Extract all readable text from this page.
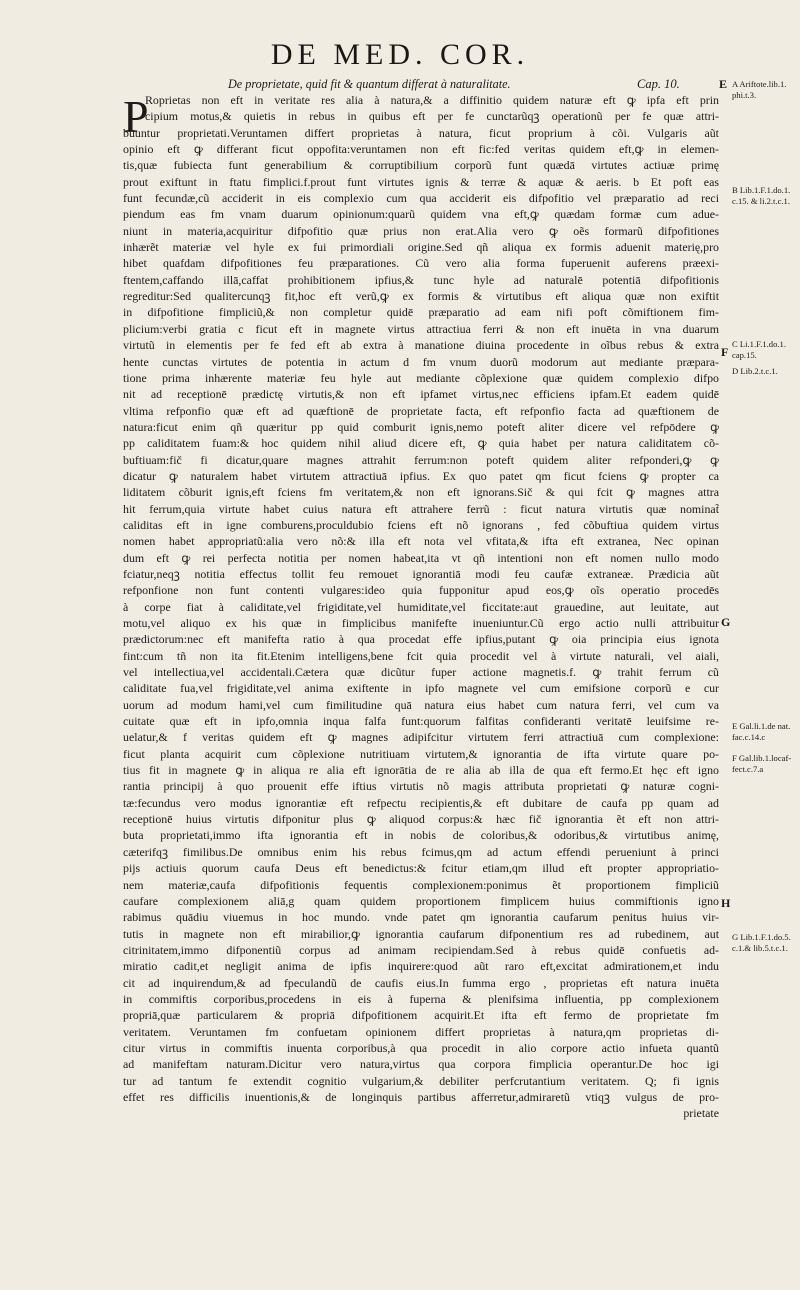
DE MED. COR.
De proprietate, quid fit & quantum differat à naturalitate.	Cap. 10.
P
Roprietas non eft in veritate res alia à natura,& a diffinitio quidem naturæ eft ꝙ ipfa eft prin
cipium motus,& quietis in rebus in quibus eft per fe cunctarũqꝫ operationũ per fe quæ attri-
buuntur proprietati.Veruntamen differt proprietas à natura, ficut proprium à cõi. Vulgaris aũt
opinio eft ꝙ differant ficut oppofita:veruntamen non eft fic:fed veritas quidem eft,ꝙ in elemen-
tis,quæ fubiecta funt generabilium & corruptibilium corporũ funt quædā virtutes actiuæ primę
prout exiftunt in ftatu fimplici.f.prout funt virtutes ignis & terræ & aquæ & aeris. b Et poft eas
funt fecundæ,cũ acciderit in eis complexio cum qua acciderit eis difpofitio vel præparatio ad reci
piendum eas fm vnam duarum opinionum:quarũ quidem vna eft,ꝙ quædam formæ cum adue-
niunt in materia,acquiritur difpofitio quæ prius non erat.Alia vero ꝙ oẽs formarũ difpofitiones
inhærẽt materiæ vel hyle ex fui primordiali origine.Sed qñ aliqua ex formis aduenit materię,pro
hibet quafdam difpofitiones feu præparationes. Cũ vero alia forma fuperuenit auferens præexi-
ftentem,caffando illā,caffat prohibitionem ipfius,& tunc hyle ad naturalē potentiā difpofitionis
regreditur:Sed qualitercunqꝫ fit,hoc eft verũ,ꝙ ex formis & virtutibus eft aliqua quæ non exiftit
in difpofitione fimpliciũ,& non completur quidē præparatio ad eam nifi poft cõmiftionem fim-
plicium:verbi gratia c ficut eft in magnete virtus attractiua ferri & non eft inuēta in vna duarum
virtutũ in elementis per fe fed eft ab extra à manatione diuina procedente in oĩbus rebus & extra
hente cunctas virtutes de potentia in actum d fm vnum duorũ modorum aut mediante præpara-
tione prima inhærente materiæ feu hyle aut mediante cõplexione quæ quidem complexio difpo
nit ad receptionē prædictę virtutis,& non eft ipfamet virtus,nec efficiens ipfam.Et eadem quidē
vltima refponfio quæ eft ad quæftionē de proprietate facta, eft refponfio facta ad quæftionem de
natura:ficut enim qñ quæritur pp quid comburit ignis,nemo poteft aliter dicere vel refpōdere ꝙ
pp caliditatem fuam:& hoc quidem nihil aliud dicere eft, ꝙ quia habet per natura caliditatem cõ-
buftiuam:fič fi dicatur,quare magnes attrahit ferrum:non poteft quidem aliter refponderi,ꝙ ꝙ
dicatur ꝙ naturalem habet virtutem attractiuā ipfius. Ex quo patet qm ficut fciens ꝙ propter ca
liditatem cõburit ignis,eft fciens fm veritatem,& non eft ignorans.Sič & qui fcit ꝙ magnes attra
hit ferrum,quia virtute habet cuius natura eft attrahere ferrũ : ficut natura virtutis quæ nominat̃
caliditas eft in igne comburens,proculdubio fciens eft nõ ignorans , fed cõbuftiua quidem virtus
nomen habet appropriatũ:alia vero nõ:& illa eft nota vel vfitata,& ifta eft extranea, Nec opinan
dum eft ꝙ rei perfecta notitia per nomen habeat,ita vt qñ intentioni non eft nomen nullo modo
fciatur,neqꝫ notitia effectus tollit feu remouet ignorantiā modi feu caufæ extraneæ. Prædicia aũt
refponfione non funt contenti vulgares:ideo quia fupponitur apud eos,ꝙ oĩs operatio procedēs
à corpe fiat à caliditate,vel frigiditate,vel humiditate,vel ficcitate:aut grauedine, aut leuitate, aut
motu,vel aliquo ex his quæ in fimplicibus manifefte inueniuntur.Cũ ergo actio nulli attribuitur
prædictorum:nec eft manifefta ratio à qua procedat effe ipfius,putant ꝙ oia principia eius ignota
fint:cum tñ non ita fit.Etenim intelligens,bene fcit quia procedit vel à virtute naturali, vel aiali,
vel intellectiua,vel accidentali.Cætera quæ dicũtur fuper actione magnetis.f. ꝙ trahit ferrum cũ
caliditate fua,vel frigiditate,vel anima exiftente in ipfo magnete vel cum emifsione corporũ e cur
uorum ad modum hami,vel cum fimilitudine quā natura eius habet cum natura ferri, vel cum va
cuitate quæ eft in ipfo,omnia inqua falfa funt:quorum falfitas confideranti veritatē leuifsime re-
uelatur,& f veritas quidem eft ꝙ magnes adipifcitur virtutem ferri attractiuā cum complexione:
ficut planta acquirit cum cõplexione nutritiuam virtutem,& ignorantia de ifta virtute quare po-
tius fit in magnete ꝙ in aliqua re alia eft ignorātia de re alia ab illa de qua eft fermo.Et hęc eft igno
rantia principij à quo prouenit effe iftius virtutis nõ magis attributa proprietati ꝙ naturæ cogni-
tæ:fecundus vero modus ignorantiæ eft refpectu recipientis,& eft dubitare de caufa pp quam ad
receptionē huius virtutis difponitur plus ꝙ aliquod corpus:& hæc fič ignorantia ẽt eft non attri-
buta proprietati,immo ifta ignorantia eft in nobis de coloribus,& odoribus,& virtutibus animę,
cæterifqꝫ fimilibus.De omnibus enim his rebus fcimus,qm ad actum effendi perueniunt à princi
pijs actiuis quorum caufa Deus eft benedictus:& fcitur etiam,qm illud eft propter appropriatio-
nem materiæ,caufa difpofitionis fequentis complexionem:ponimus ẽt proportionem fimpliciũ
caufare complexionem aliā,g quam quidem proportionem fimplicem huius commiftionis igno
rabimus quādiu viuemus in hoc mundo. vnde patet qm ignorantia caufarum penitus huius vir-
tutis in magnete non eft mirabilior,ꝙ ignorantia caufarum difponentium res ad rubedinem, aut
citrinitatem,immo difponentiũ corpus ad animam recipiendam.Sed à rebus quidē confuetis ad-
miratio cadit,et negligit anima de ipfis inquirere:quod aũt raro eft,excitat admirationem,et indu
cit ad inquirendum,& ad fpeculandũ de caufis eius.In fumma ergo , proprietas eft natura inuēta
in commiftis corporibus,procedens in eis à fuperna & plenifsima influentia, pp complexionem
propriā,quæ particularem & propriā difpofitionem acquirit.Et ifta eft fermo de proprietate fm
veritatem. Veruntamen fm confuetam opinionem differt proprietas à natura,qm proprietas di-
citur virtus in commiftis inuenta corporibus,à qua procedit in alio corpore actio infueta quantũ
ad manifeftam naturam.Dicitur vero natura,virtus qua corpora fimplicia operantur.De hoc igi
tur ad tantum fe extendit cognitio vulgarium,& debiliter perfcrutantium veritatem. Q; fi ignis
effet res difficilis inuentionis,& de longinquis partibus afferretur,admiraretũ vtiqꝫ vulgus de pro-
prietate
E
F
G
H
A Ariftote.lib.1.
phi.t.3.
B Lib.1.F.1.do.1.
c.15. & li.2.t.c.1.
C Li.1.F.1.do.1.
cap.15.
D Lib.2.t.c.1.
E Gal.li.1.de nat.
fac.c.14.c
F Gal.lib.1.locaf-
fect.c.7.a
G Lib.1.F.1.do.5.
c.1.& lib.5.t.c.1.
